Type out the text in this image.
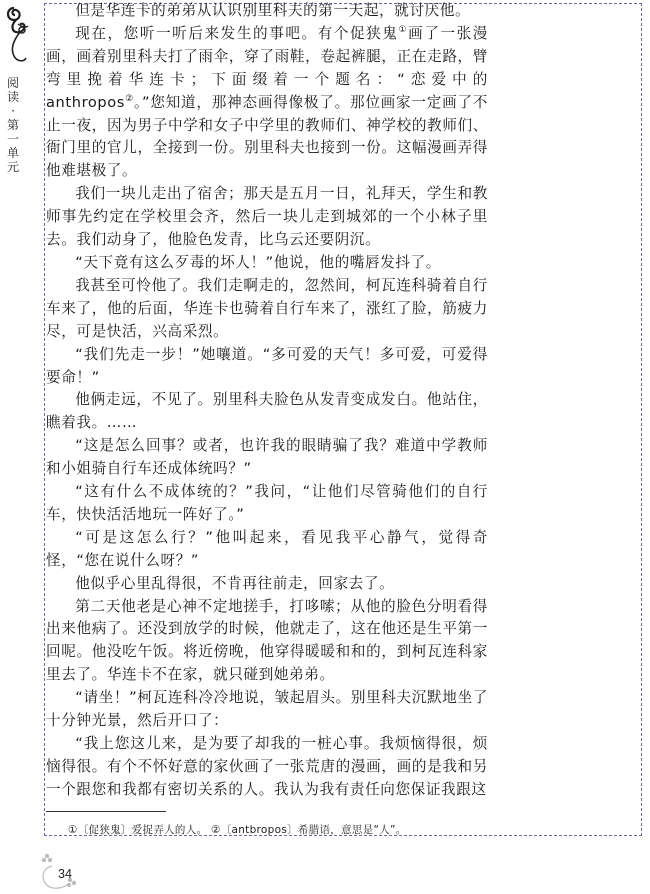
阅
读
·
第
一
单
元

但是华连卡的弟弟从认识别里科夫的第一天起，就讨厌他。

现在，您听一听后来发生的事吧。有个促狭鬼①画了一张漫画，画着别里科夫打了雨伞，穿了雨鞋，卷起裤腿，正在走路，臂弯里挽着华连卡；下面缀着一个题名：“恋爱中的 anthropos②。”您知道，那神态画得像极了。那位画家一定画了不止一夜，因为男子中学和女子中学里的教师们、神学校的教师们、衙门里的官儿，全接到一份。别里科夫也接到一份。这幅漫画弄得他难堪极了。

我们一块儿走出了宿舍；那天是五月一日，礼拜天，学生和教师事先约定在学校里会齐，然后一块儿走到城郊的一个小林子里去。我们动身了，他脸色发青，比乌云还要阴沉。

“天下竟有这么歹毒的坏人！”他说，他的嘴唇发抖了。

我甚至可怜他了。我们走啊走的，忽然间，柯瓦连科骑着自行车来了，他的后面，华连卡也骑着自行车来了，涨红了脸，筋疲力尽，可是快活，兴高采烈。

“我们先走一步！”她嚷道。“多可爱的天气！多可爱，可爱得要命！”

他俩走远，不见了。别里科夫脸色从发青变成发白。他站住，瞧着我。……

“这是怎么回事？或者，也许我的眼睛骗了我？难道中学教师和小姐骑自行车还成体统吗？”

“这有什么不成体统的？”我问，“让他们尽管骑他们的自行车，快快活活地玩一阵好了。”

“可是这怎么行？”他叫起来，看见我平心静气，觉得奇怪，“您在说什么呀？”

他似乎心里乱得很，不肯再往前走，回家去了。

第二天他老是心神不定地搓手，打哆嗦；从他的脸色分明看得出来他病了。还没到放学的时候，他就走了，这在他还是生平第一回呢。他没吃午饭。将近傍晚，他穿得暖暖和和的，到柯瓦连科家里去了。华连卡不在家，就只碰到她弟弟。

“请坐！”柯瓦连科冷冷地说，皱起眉头。别里科夫沉默地坐了十分钟光景，然后开口了：

“我上您这儿来，是为要了却我的一桩心事。我烦恼得很，烦恼得很。有个不怀好意的家伙画了一张荒唐的漫画，画的是我和另一个跟您和我都有密切关系的人。我认为我有责任向您保证我跟这

①〔促狭鬼〕爱捉弄人的人。 ②〔antbropos〕希腊语，意思是“人”。
34
